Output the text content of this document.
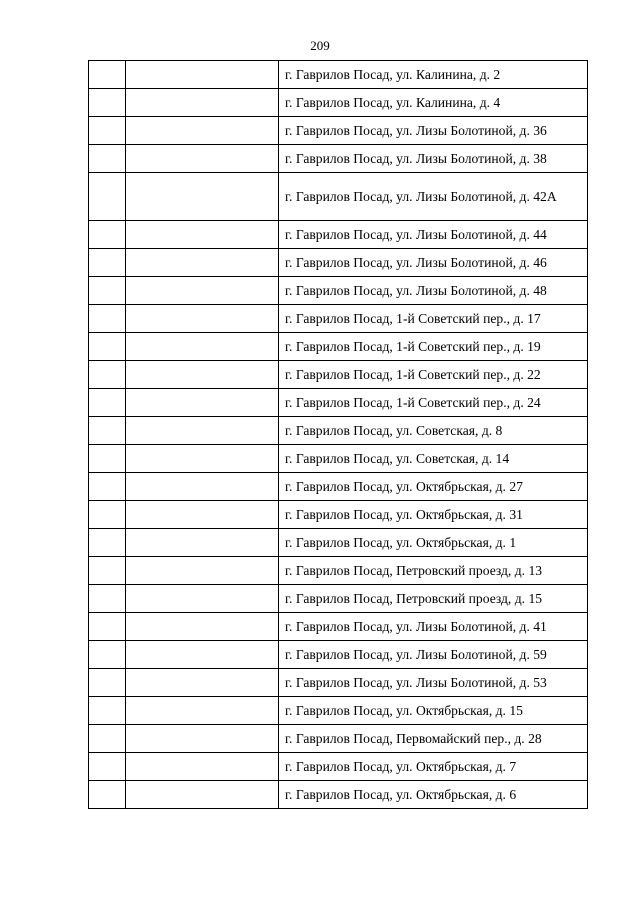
209
		г. Гаврилов Посад, ул. Калинина, д. 2
		г. Гаврилов Посад, ул. Калинина, д. 4
		г. Гаврилов Посад, ул. Лизы Болотиной, д. 36
		г. Гаврилов Посад, ул. Лизы Болотиной, д. 38
		г. Гаврилов Посад, ул. Лизы Болотиной, д. 42А
		г. Гаврилов Посад, ул. Лизы Болотиной, д. 44
		г. Гаврилов Посад, ул. Лизы Болотиной, д. 46
		г. Гаврилов Посад, ул. Лизы Болотиной, д. 48
		г. Гаврилов Посад, 1-й Советский пер., д. 17
		г. Гаврилов Посад, 1-й Советский пер., д. 19
		г. Гаврилов Посад, 1-й Советский пер., д. 22
		г. Гаврилов Посад, 1-й Советский пер., д. 24
		г. Гаврилов Посад, ул. Советская, д. 8
		г. Гаврилов Посад, ул. Советская, д. 14
		г. Гаврилов Посад, ул. Октябрьская, д. 27
		г. Гаврилов Посад, ул. Октябрьская, д. 31
		г. Гаврилов Посад, ул. Октябрьская, д. 1
		г. Гаврилов Посад, Петровский проезд, д. 13
		г. Гаврилов Посад, Петровский проезд, д. 15
		г. Гаврилов Посад, ул. Лизы Болотиной, д. 41
		г. Гаврилов Посад, ул. Лизы Болотиной, д. 59
		г. Гаврилов Посад, ул. Лизы Болотиной, д. 53
		г. Гаврилов Посад, ул. Октябрьская, д. 15
		г. Гаврилов Посад, Первомайский пер., д. 28
		г. Гаврилов Посад, ул. Октябрьская, д. 7
		г. Гаврилов Посад, ул. Октябрьская, д. 6
